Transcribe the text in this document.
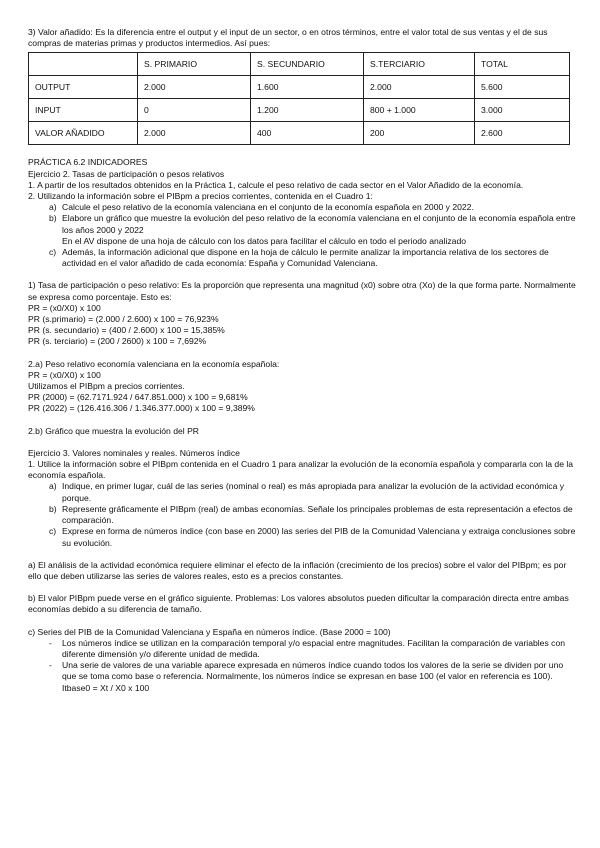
3) Valor añadido: Es la diferencia entre el output y el input de un sector, o en otros términos, entre el valor total de sus ventas y el de sus compras de materias primas y productos intermedios. Así pues:

	S. PRIMARIO	S. SECUNDARIO	S.TERCIARIO	TOTAL
OUTPUT	2.000	1.600	2.000	5.600
INPUT	0	1.200	800 + 1.000	3.000
VALOR AÑADIDO	2.000	400	200	2.600

PRÁCTICA 6.2 INDICADORES

Ejercicio 2. Tasas de participación o pesos relativos

1. A partir de los resultados obtenidos en la Práctica 1, calcule el peso relativo de cada sector en el Valor Añadido de la economía.

2. Utilizando la información sobre el PIBpm a precios corrientes, contenida en el Cuadro 1:

a) Calcule el peso relativo de la economía valenciana en el conjunto de la economía española en 2000 y 2022.
b) Elabore un gráfico que muestre la evolución del peso relativo de la economía valenciana en el conjunto de la economía española entre los años 2000 y 2022
En el AV dispone de una hoja de cálculo con los datos para facilitar el cálculo en todo el periodo analizado
c) Además, la información adicional que dispone en la hoja de cálculo le permite analizar la importancia relativa de los sectores de actividad en el valor añadido de cada economía: España y Comunidad Valenciana.

1) Tasa de participación o peso relativo: Es la proporción que representa una magnitud (x0) sobre otra (Xo) de la que forma parte. Normalmente se expresa como porcentaje. Esto es:

PR = (x0/X0) x 100

PR (s.primario) = (2.000 / 2.600) x 100 = 76,923%

PR (s. secundario) = (400 / 2.600) x 100 = 15,385%

PR (s. terciario) = (200 / 2600) x 100 = 7,692%

2.a) Peso relativo economía valenciana en la economía española:

PR = (x0/X0) x 100

Utilizamos el PIBpm a precios corrientes.

PR (2000) = (62.7171.924 / 647.851.000) x 100 = 9,681%

PR (2022) = (126.416.306 / 1.346.377.000) x 100 = 9,389%

2.b) Gráfico que muestra la evolución del PR

Ejercicio 3. Valores nominales y reales. Números índice

1. Utilice la información sobre el PIBpm contenida en el Cuadro 1 para analizar la evolución de la economía española y compararla con la de la economía española.

a) Indique, en primer lugar, cuál de las series (nominal o real) es más apropiada para analizar la evolución de la actividad económica y porque.
b) Represente gráficamente el PIBpm (real) de ambas economías. Señale los principales problemas de esta representación a efectos de comparación.
c) Exprese en forma de números índice (con base en 2000) las series del PIB de la Comunidad Valenciana y extraiga conclusiones sobre su evolución.

a) El análisis de la actividad económica requiere eliminar el efecto de la inflación (crecimiento de los precios) sobre el valor del PIBpm; es por ello que deben utilizarse las series de valores reales, esto es a precios constantes.

b) El valor PIBpm puede verse en el gráfico siguiente. Problemas: Los valores absolutos pueden dificultar la comparación directa entre ambas economías debido a su diferencia de tamaño.

c) Series del PIB de la Comunidad Valenciana y España en números índice. (Base 2000 = 100)

-	Los números índice se utilizan en la comparación temporal y/o espacial entre magnitudes. Facilitan la comparación de variables con diferente dimensión y/o diferente unidad de medida.
-	Una serie de valores de una variable aparece expresada en números índice cuando todos los valores de la serie se dividen por uno que se toma como base o referencia. Normalmente, los números índice se expresan en base 100 (el valor en referencia es 100). Itbase0 = Xt / X0 x 100
